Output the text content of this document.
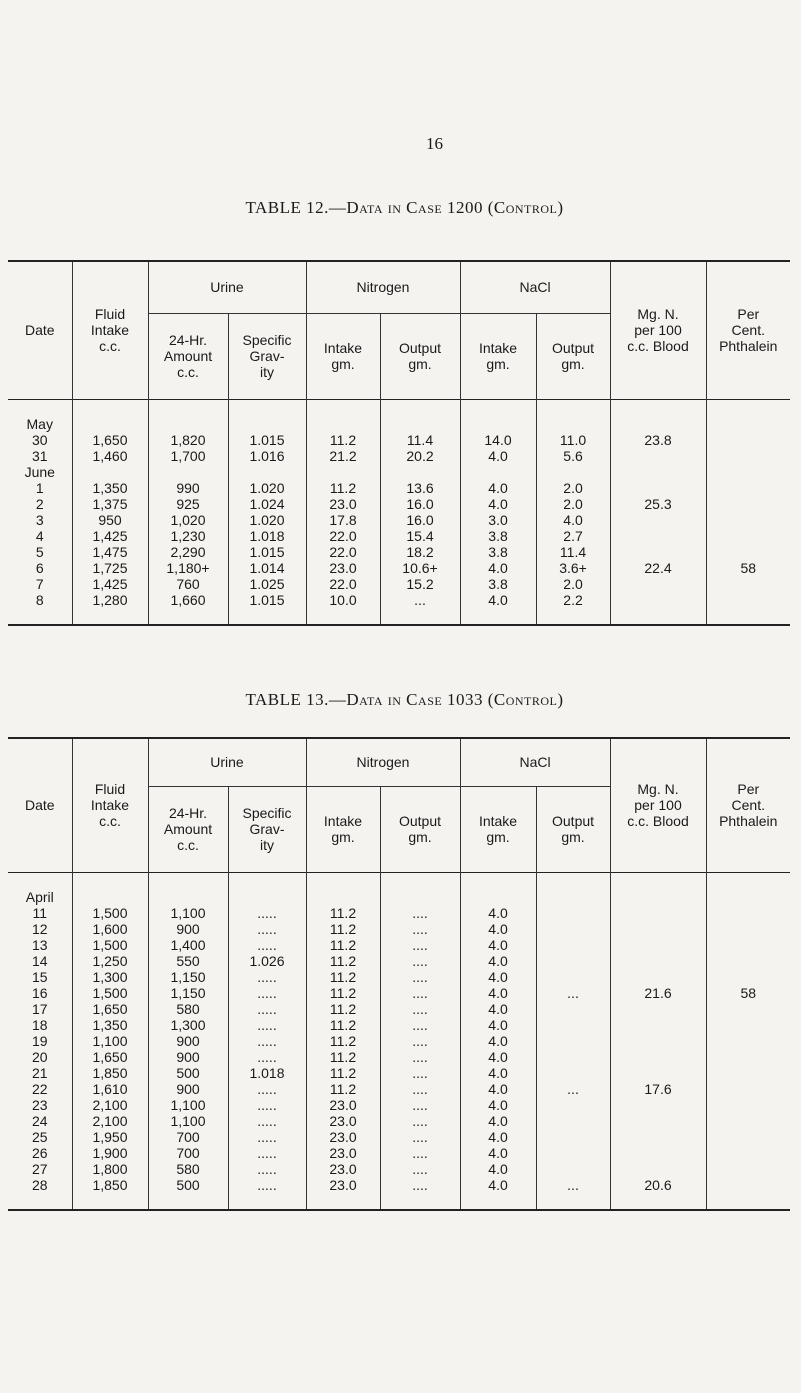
16
TABLE 12.—Data in Case 1200 (Control)
Date	Fluid
Intake
c.c.	Urine		Nitrogen		NaCl		Mg. N.
per 100
c.c. Blood	Per
Cent.
Phthalein
		24-Hr.
Amount
c.c.	Specific
Grav-
ity	Intake
gm.	Output
gm.	Intake
gm.	Output
gm.		

May									
30	1,650	1,820	1.015	11.2	11.4	14.0	11.0	23.8	
31	1,460	1,700	1.016	21.2	20.2	4.0	5.6		
June									
1	1,350	990	1.020	11.2	13.6	4.0	2.0		
2	1,375	925	1.024	23.0	16.0	4.0	2.0	25.3	
3	950	1,020	1.020	17.8	16.0	3.0	4.0		
4	1,425	1,230	1.018	22.0	15.4	3.8	2.7		
5	1,475	2,290	1.015	22.0	18.2	3.8	11.4		
6	1,725	1,180+	1.014	23.0	10.6+	4.0	3.6+	22.4	58
7	1,425	760	1.025	22.0	15.2	3.8	2.0		
8	1,280	1,660	1.015	10.0	...	4.0	2.2		

TABLE 13.—Data in Case 1033 (Control)
Date	Fluid
Intake
c.c.	Urine		Nitrogen		NaCl		Mg. N.
per 100
c.c. Blood	Per
Cent.
Phthalein
		24-Hr.
Amount
c.c.	Specific
Grav-
ity	Intake
gm.	Output
gm.	Intake
gm.	Output
gm.		

April									
11	1,500	1,100	.....	11.2	....	4.0			
12	1,600	900	.....	11.2	....	4.0			
13	1,500	1,400	.....	11.2	....	4.0			
14	1,250	550	1.026	11.2	....	4.0			
15	1,300	1,150	.....	11.2	....	4.0			
16	1,500	1,150	.....	11.2	....	4.0	...	21.6	58
17	1,650	580	.....	11.2	....	4.0			
18	1,350	1,300	.....	11.2	....	4.0			
19	1,100	900	.....	11.2	....	4.0			
20	1,650	900	.....	11.2	....	4.0			
21	1,850	500	1.018	11.2	....	4.0			
22	1,610	900	.....	11.2	....	4.0	...	17.6	
23	2,100	1,100	.....	23.0	....	4.0			
24	2,100	1,100	.....	23.0	....	4.0			
25	1,950	700	.....	23.0	....	4.0			
26	1,900	700	.....	23.0	....	4.0			
27	1,800	580	.....	23.0	....	4.0			
28	1,850	500	.....	23.0	....	4.0	...	20.6	
